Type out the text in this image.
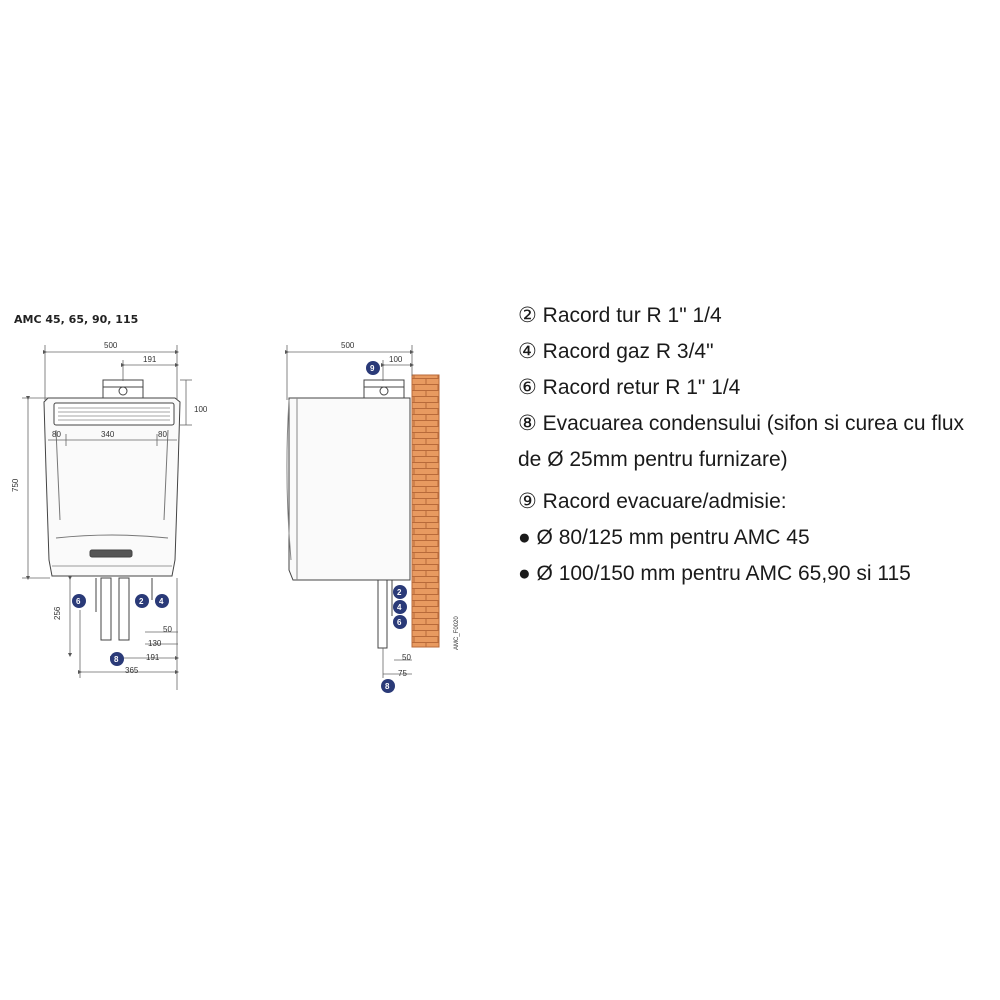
AMC 45, 65, 90, 115
500
191
100
750
80	340	80
256
50
130
191
365
6	2 4
8
500
100
50
75
AMC_F0020
9
2
4
6
8
② Racord tur R 1" 1/4
④ Racord gaz R 3/4"
⑥ Racord retur R 1" 1/4
⑧ Evacuarea condensului (sifon si curea cu flux de Ø 25mm pentru furnizare)
⑨ Racord evacuare/admisie:
● Ø 80/125 mm pentru AMC 45
● Ø 100/150 mm pentru AMC 65,90 si 115
